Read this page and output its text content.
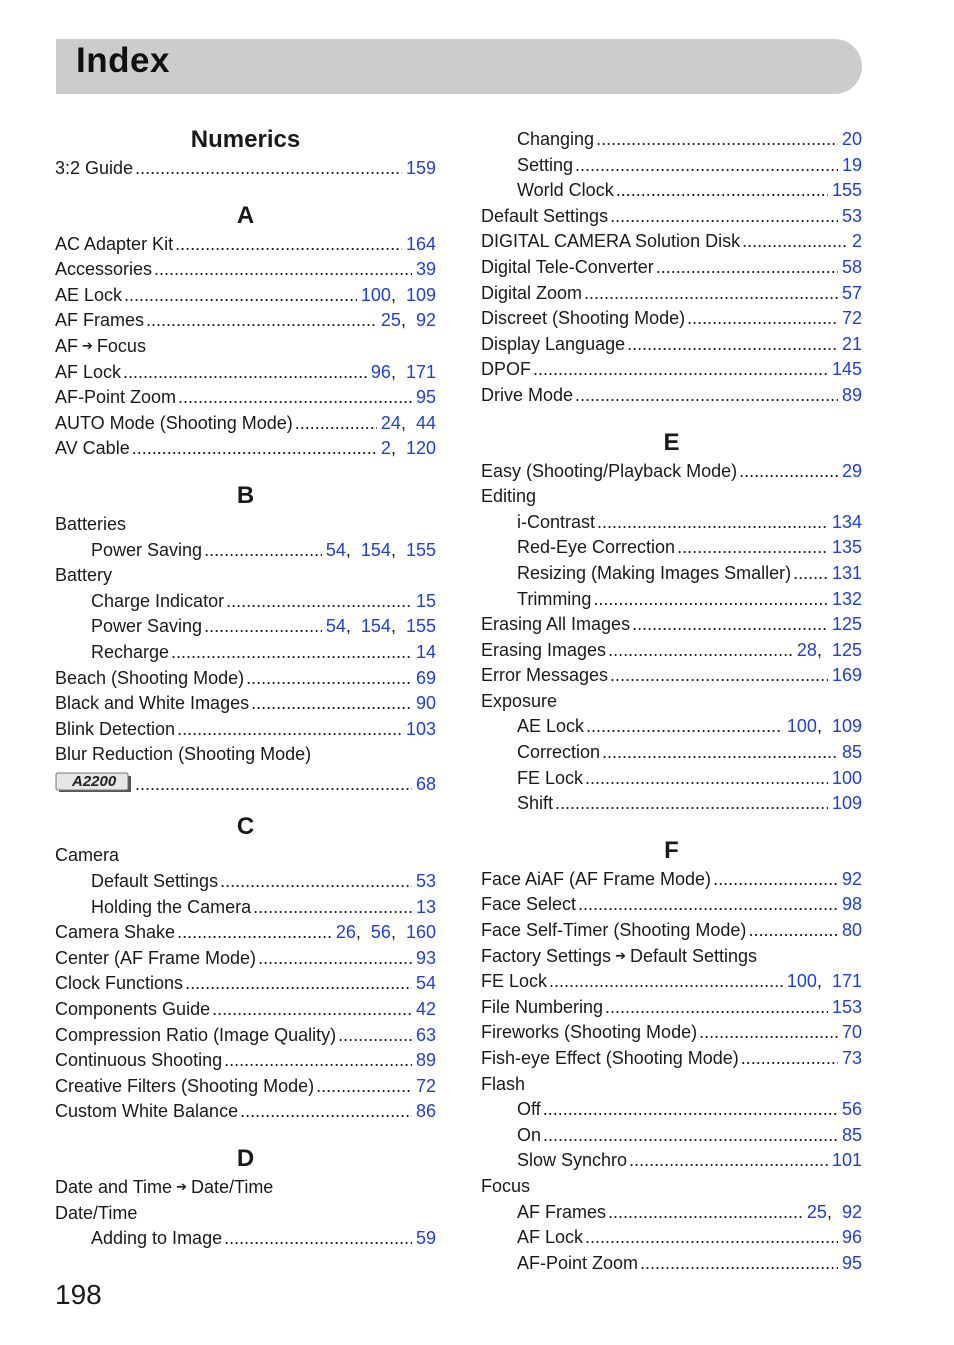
Index
Numerics
3:2 Guide .....	159
A
AC Adapter Kit .....	164
Accessories .....	39
AE Lock .....	100,  109
AF Frames .....	25,  92
AF ➔ Focus
AF Lock .....	96,  171
AF-Point Zoom .....	95
AUTO Mode (Shooting Mode) .....	24,  44
AV Cable .....	2,  120
B
Batteries
Power Saving .....	54,  154,  155
Battery
Charge Indicator .....	15
Power Saving .....	54,  154,  155
Recharge .....	14
Beach (Shooting Mode) .....	69
Black and White Images .....	90
Blink Detection .....	103
Blur Reduction (Shooting Mode)
A2200 .....	68
C
Camera
Default Settings .....	53
Holding the Camera .....	13
Camera Shake .....	26,  56,  160
Center (AF Frame Mode) .....	93
Clock Functions .....	54
Components Guide .....	42
Compression Ratio (Image Quality) .....	63
Continuous Shooting .....	89
Creative Filters (Shooting Mode) .....	72
Custom White Balance .....	86
D
Date and Time ➔ Date/Time
Date/Time
Adding to Image .....	59
Changing .....	20
Setting .....	19
World Clock .....	155
Default Settings .....	53
DIGITAL CAMERA Solution Disk .....	2
Digital Tele-Converter .....	58
Digital Zoom .....	57
Discreet (Shooting Mode) .....	72
Display Language .....	21
DPOF .....	145
Drive Mode .....	89
E
Easy (Shooting/Playback Mode) .....	29
Editing
i-Contrast .....	134
Red-Eye Correction .....	135
Resizing (Making Images Smaller) ..... 131
Trimming .....	132
Erasing All Images .....	125
Erasing Images .....	28,  125
Error Messages .....	169
Exposure
AE Lock .....	100,  109
Correction .....	85
FE Lock .....	100
Shift .....	109
F
Face AiAF (AF Frame Mode) .....	92
Face Select .....	98
Face Self-Timer (Shooting Mode) .....	80
Factory Settings ➔ Default Settings
FE Lock .....	100,  171
File Numbering .....	153
Fireworks (Shooting Mode) .....	70
Fish-eye Effect (Shooting Mode) .....	73
Flash
Off .....	56
On .....	85
Slow Synchro .....	101
Focus
AF Frames .....	25,  92
AF Lock .....	96
AF-Point Zoom .....	95
198
